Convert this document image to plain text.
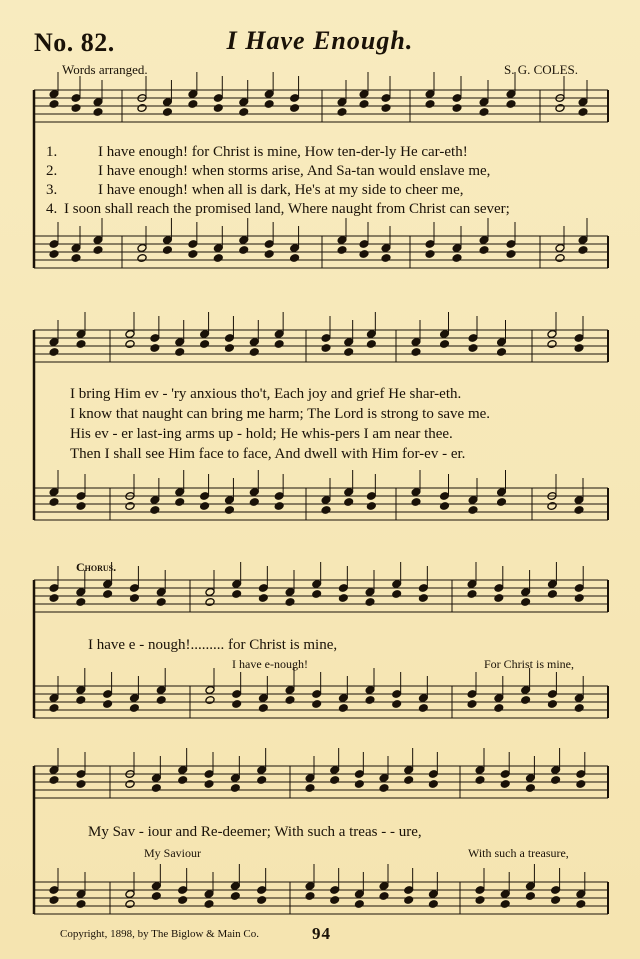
No. 82.	I Have Enough.
Words arranged.	S. G. COLES.
1.	I have enough! for Christ is mine, How ten-der-ly He car-eth!
2.	I have enough! when storms arise, And Sa-tan would enslave me,
3.	I have enough! when all is dark, He's at my side to cheer me,
4. I soon shall reach the promised land, Where naught from Christ can sever;
I bring Him ev - 'ry anxious tho't, Each joy and grief He shar-eth.
I know that naught can bring me harm; The Lord is strong to save me.
His ev - er last-ing arms up - hold; He whis-pers I am near thee.
Then I shall see Him face to face, And dwell with Him for-ev - er.
Chorus.
I have e - nough!......... for Christ is mine,
I have e-nough!	For Christ is mine,
My Sav - iour and Re-deemer; With such a treas - - ure,
My Saviour	With such a treasure,
Copyright, 1898, by The Biglow & Main Co.	94
